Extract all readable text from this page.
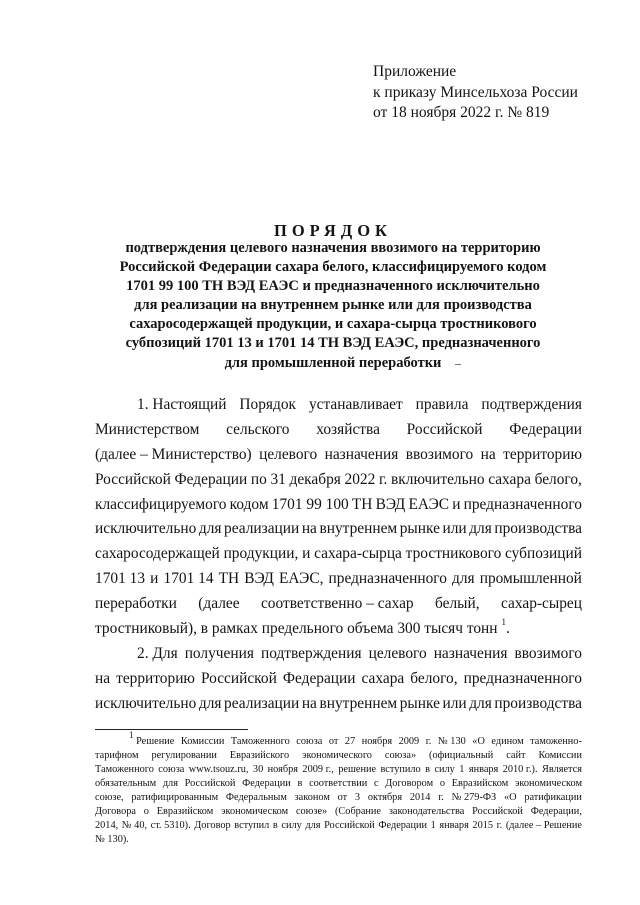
Приложение
к приказу Минсельхоза России
от 18 ноября 2022 г. № 819
ПОРЯДОК
подтверждения целевого назначения ввозимого на территорию
Российской Федерации сахара белого, классифицируемого кодом
1701 99 100 ТН ВЭД ЕАЭС и предназначенного исключительно
для реализации на внутреннем рынке или для производства
сахаросодержащей продукции, и сахара-сырца тростникового
субпозиций 1701 13 и 1701 14 ТН ВЭД ЕАЭС, предназначенного
для промышленной переработки
1. Настоящий Порядок устанавливает правила подтверждения
Министерством сельского хозяйства Российской Федерации
(далее – Министерство) целевого назначения ввозимого на территорию
Российской Федерации по 31 декабря 2022 г. включительно сахара белого,
классифицируемого кодом 1701 99 100 ТН ВЭД ЕАЭС и предназначенного
исключительно для реализации на внутреннем рынке или для производства
сахаросодержащей продукции, и сахара-сырца тростникового субпозиций
1701 13 и 1701 14 ТН ВЭД ЕАЭС, предназначенного для промышленной
переработки (далее соответственно – сахар белый, сахар-сырец
тростниковый), в рамках предельного объема 300 тысяч тонн $^1$.
2. Для получения подтверждения целевого назначения ввозимого
на территорию Российской Федерации сахара белого, предназначенного
исключительно для реализации на внутреннем рынке или для производства
$^1$ Решение Комиссии Таможенного союза от 27 ноября 2009 г. № 130 «О едином таможенно-
тарифном регулировании Евразийского экономического союза» (официальный сайт Комиссии
Таможенного союза www.tsouz.ru, 30 ноября 2009 г., решение вступило в силу 1 января 2010 г.). Является
обязательным для Российской Федерации в соответствии с Договором о Евразийском экономическом
союзе, ратифицированным Федеральным законом от 3 октября 2014 г. № 279-ФЗ «О ратификации
Договора о Евразийском экономическом союзе» (Собрание законодательства Российской Федерации,
2014, № 40, ст. 5310). Договор вступил в силу для Российской Федерации 1 января 2015 г. (далее – Решение
№ 130).
